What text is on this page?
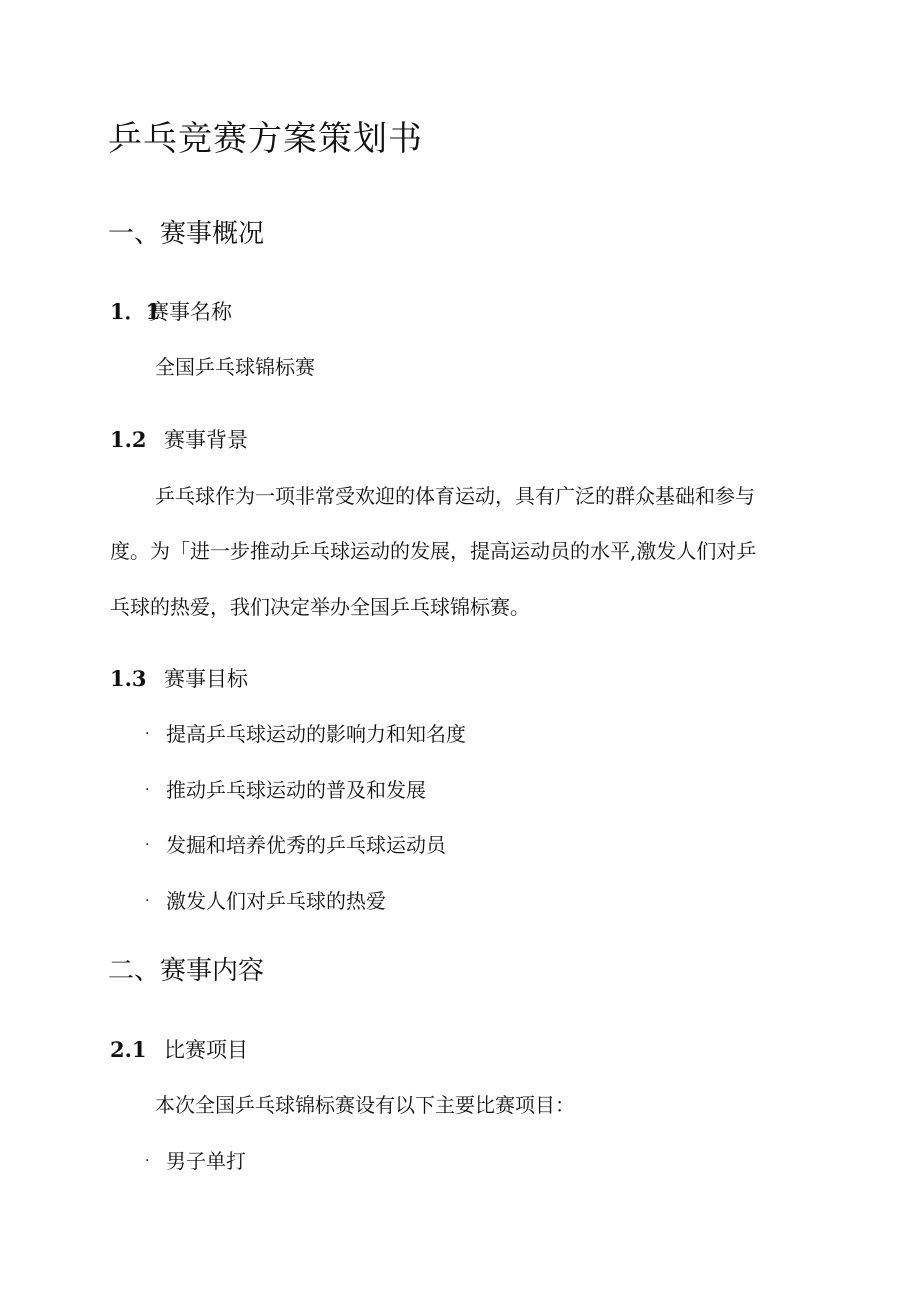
乒乓竞赛方案策划书
一、赛事概况
1．1赛事名称
全国乒乓球锦标赛
1.2 赛事背景
乒乓球作为一项非常受欢迎的体育运动，具有广泛的群众基础和参与
度。为「进一步推动乒乓球运动的发展，提高运动员的水平,激发人们对乒
乓球的热爱，我们决定举办全国乒乓球锦标赛。
1.3 赛事目标
· 提高乒乓球运动的影响力和知名度
· 推动乒乓球运动的普及和发展
· 发掘和培养优秀的乒乓球运动员
· 激发人们对乒乓球的热爱
二、赛事内容
2.1 比赛项目
本次全国乒乓球锦标赛设有以下主要比赛项目：
· 男子单打
